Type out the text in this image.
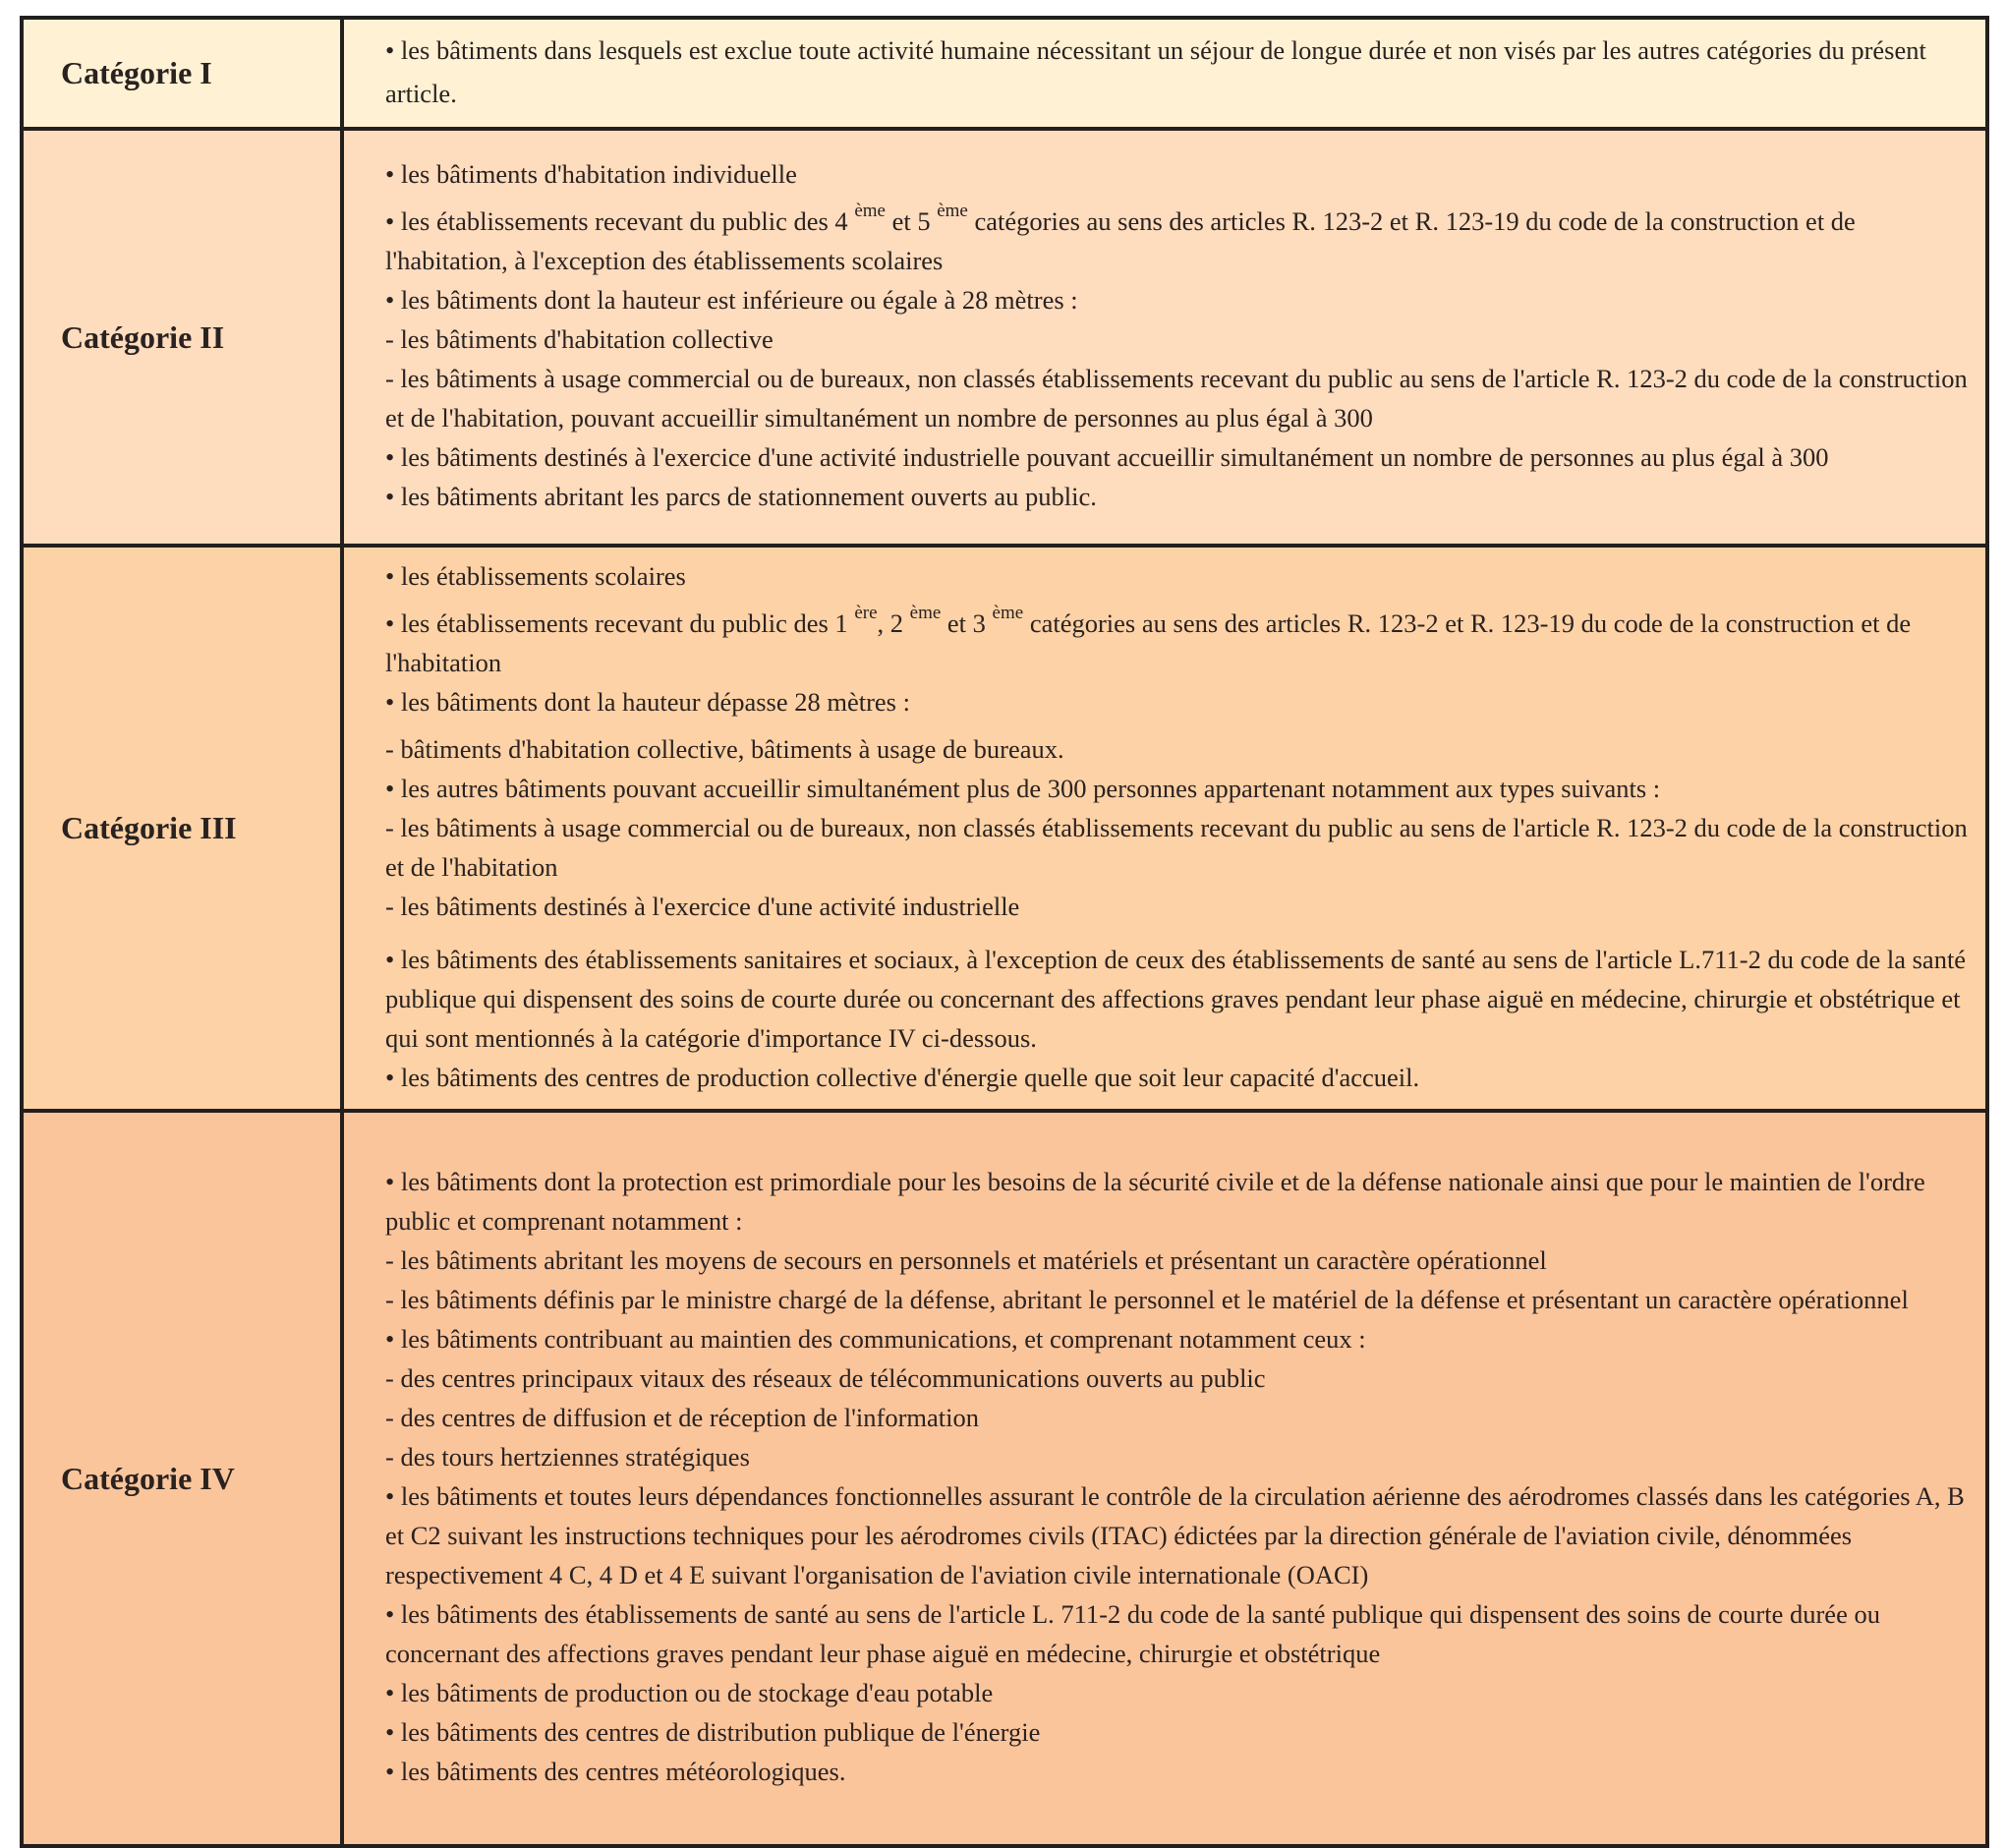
Catégorie I	• les bâtiments dans lesquels est exclue toute activité humaine nécessitant un séjour de longue durée et non visés par les autres catégories du présent article.

Catégorie II	
• les bâtiments d'habitation individuelle
• les établissements recevant du public des 4 $^{ème}$ et 5 $^{ème}$ catégories au sens des articles R. 123-2 et R. 123-19 du code de la construction et de l'habitation, à l'exception des établissements scolaires
• les bâtiments dont la hauteur est inférieure ou égale à 28 mètres :
- les bâtiments d'habitation collective
- les bâtiments à usage commercial ou de bureaux, non classés établissements recevant du public au sens de l'article R. 123-2 du code de la construction et de l'habitation, pouvant accueillir simultanément un nombre de personnes au plus égal à 300
• les bâtiments destinés à l'exercice d'une activité industrielle pouvant accueillir simultanément un nombre de personnes au plus égal à 300
• les bâtiments abritant les parcs de stationnement ouverts au public.

Catégorie III	
• les établissements scolaires
• les établissements recevant du public des 1 $^{ère}$, 2 $^{ème}$ et 3 $^{ème}$ catégories au sens des articles R. 123-2 et R. 123-19 du code de la construction et de l'habitation
• les bâtiments dont la hauteur dépasse 28 mètres :
- bâtiments d'habitation collective, bâtiments à usage de bureaux.
• les autres bâtiments pouvant accueillir simultanément plus de 300 personnes appartenant notamment aux types suivants :
- les bâtiments à usage commercial ou de bureaux, non classés établissements recevant du public au sens de l'article R. 123-2 du code de la construction et de l'habitation
- les bâtiments destinés à l'exercice d'une activité industrielle
• les bâtiments des établissements sanitaires et sociaux, à l'exception de ceux des établissements de santé au sens de l'article L.711-2 du code de la santé publique qui dispensent des soins de courte durée ou concernant des affections graves pendant leur phase aiguë en médecine, chirurgie et obstétrique et qui sont mentionnés à la catégorie d'importance IV ci-dessous.
• les bâtiments des centres de production collective d'énergie quelle que soit leur capacité d'accueil.

Catégorie IV	
• les bâtiments dont la protection est primordiale pour les besoins de la sécurité civile et de la défense nationale ainsi que pour le maintien de l'ordre public et comprenant notamment :
- les bâtiments abritant les moyens de secours en personnels et matériels et présentant un caractère opérationnel
- les bâtiments définis par le ministre chargé de la défense, abritant le personnel et le matériel de la défense et présentant un caractère opérationnel
• les bâtiments contribuant au maintien des communications, et comprenant notamment ceux :
- des centres principaux vitaux des réseaux de télécommunications ouverts au public
- des centres de diffusion et de réception de l'information
- des tours hertziennes stratégiques
• les bâtiments et toutes leurs dépendances fonctionnelles assurant le contrôle de la circulation aérienne des aérodromes classés dans les catégories A, B et C2 suivant les instructions techniques pour les aérodromes civils (ITAC) édictées par la direction générale de l'aviation civile, dénommées respectivement 4 C, 4 D et 4 E suivant l'organisation de l'aviation civile internationale (OACI)
• les bâtiments des établissements de santé au sens de l'article L. 711-2 du code de la santé publique qui dispensent des soins de courte durée ou concernant des affections graves pendant leur phase aiguë en médecine, chirurgie et obstétrique
• les bâtiments de production ou de stockage d'eau potable
• les bâtiments des centres de distribution publique de l'énergie
• les bâtiments des centres météorologiques.
